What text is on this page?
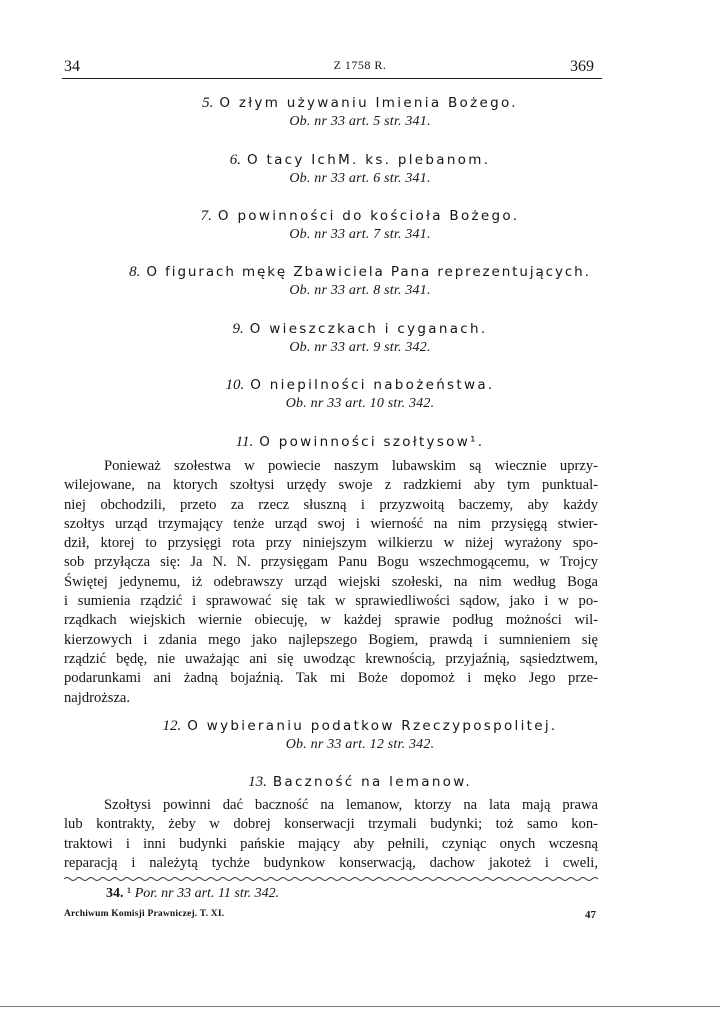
34	Z 1758 R.	369
5. O złym używaniu Imienia Bożego.
Ob. nr 33 art. 5 str. 341.
6. O tacy IchM. ks. plebanom.
Ob. nr 33 art. 6 str. 341.
7. O powinności do kościoła Bożego.
Ob. nr 33 art. 7 str. 341.
8. O figurach mękę Zbawiciela Pana reprezentujących.
Ob. nr 33 art. 8 str. 341.
9. O wieszczkach i cyganach.
Ob. nr 33 art. 9 str. 342.
10. O niepilności nabożeństwa.
Ob. nr 33 art. 10 str. 342.
11. O powinności szołtysow¹.
Ponieważ szołestwa w powiecie naszym lubawskim są wiecznie uprzy-
wilejowane, na ktorych szołtysi urzędy swoje z radzkiemi aby tym punktual-
niej obchodzili, przeto za rzecz słuszną i przyzwoitą baczemy, aby każdy
szołtys urząd trzymający tenże urząd swoj i wierność na nim przysięgą stwier-
dził, ktorej to przysięgi rota przy niniejszym wilkierzu w niżej wyrażony spo-
sob przyłącza się: Ja N. N. przysięgam Panu Bogu wszechmogącemu, w Trojcy
Świętej jedynemu, iż odebrawszy urząd wiejski szołeski, na nim według Boga
i sumienia rządzić i sprawować się tak w sprawiedliwości sądow, jako i w po-
rządkach wiejskich wiernie obiecuję, w każdej sprawie podług możności wil-
kierzowych i zdania mego jako najlepszego Bogiem, prawdą i sumnieniem się
rządzić będę, nie uważając ani się uwodząc krewnością, przyjaźnią, sąsiedztwem,
podarunkami ani żadną bojaźnią. Tak mi Boże dopomoż i męko Jego prze-
najdroższa.
12. O wybieraniu podatkow Rzeczypospolitej.
Ob. nr 33 art. 12 str. 342.
13. Baczność na lemanow.
Szołtysi powinni dać baczność na lemanow, ktorzy na lata mają prawa
lub kontrakty, żeby w dobrej konserwacji trzymali budynki; toż samo kon-
traktowi i inni budynki pańskie mający aby pełnili, czyniąc onych wczesną
reparacją i należytą tychże budynkow konserwacją, dachow jakoteż i cweli,
34. ¹ Por. nr 33 art. 11 str. 342.
Archiwum Komisji Prawniczej. T. XI.	47
